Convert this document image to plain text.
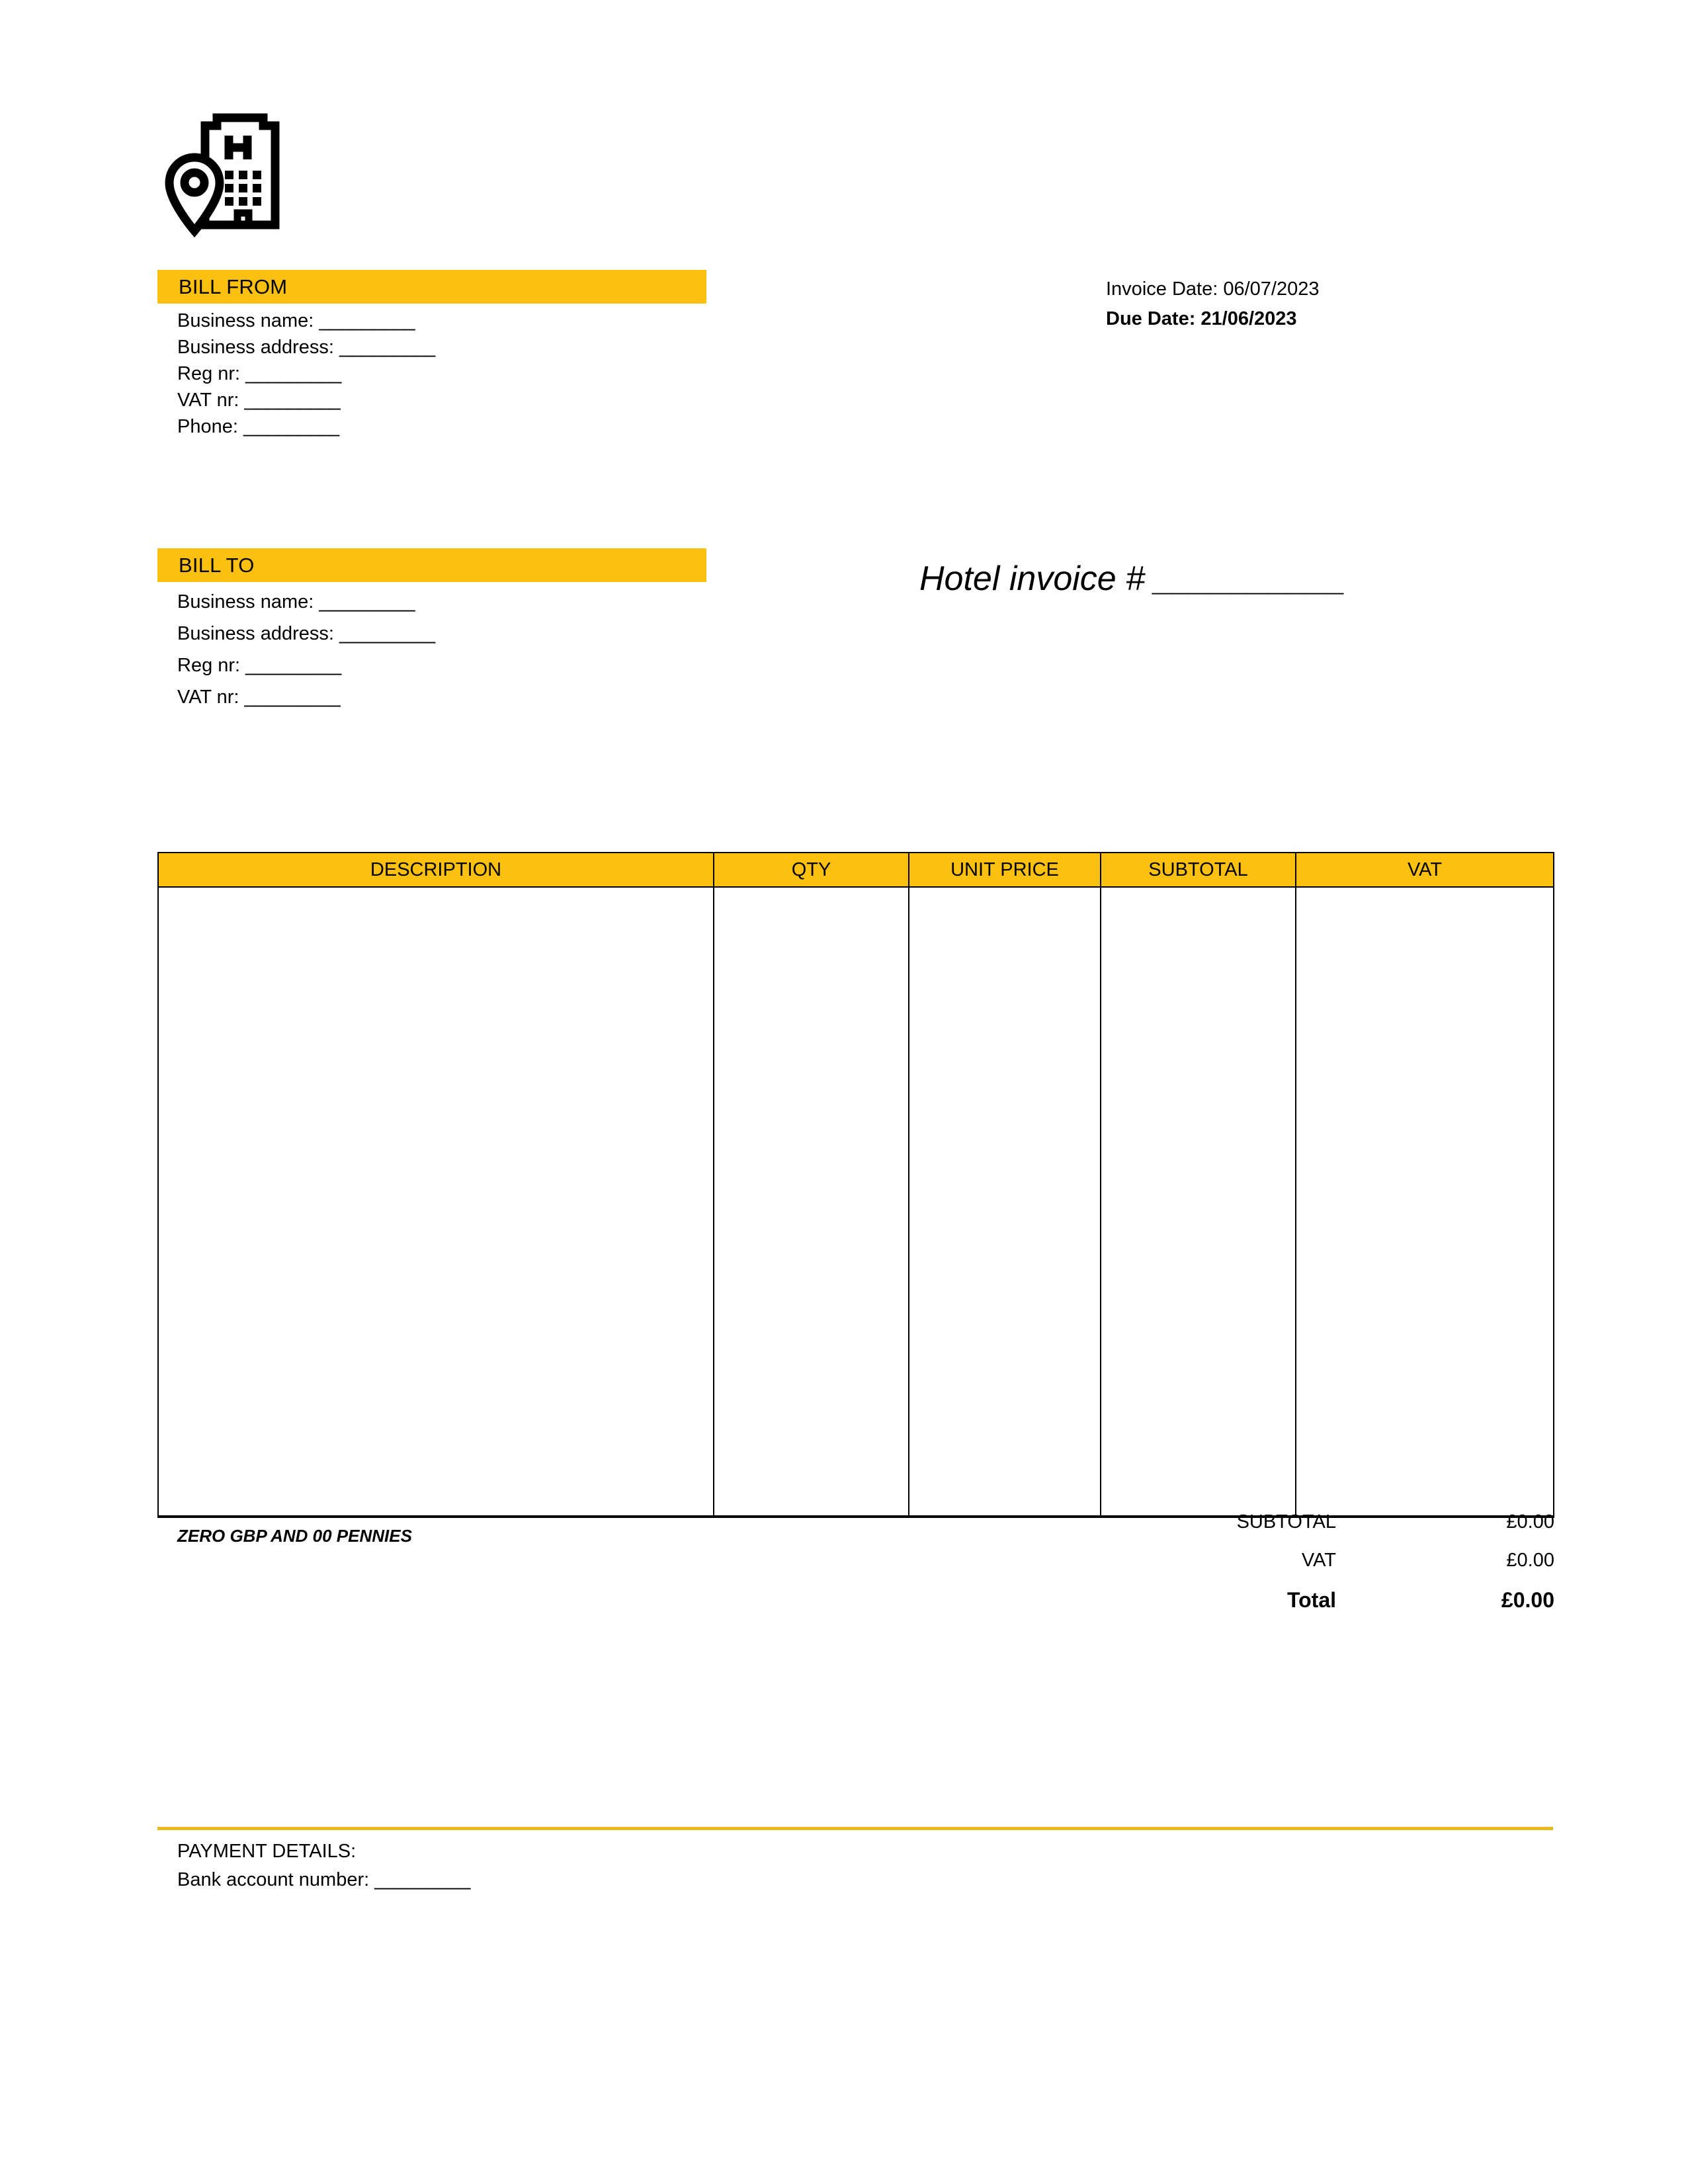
BILL FROM
Business name: _________
Business address: _________
Reg nr: _________
VAT nr: _________
Phone: _________
Invoice Date: 06/07/2023
Due Date: 21/06/2023
BILL TO
Business name: _________
Business address: _________
Reg nr: _________
VAT nr: _________
Hotel invoice # __________
DESCRIPTION	QTY	UNIT PRICE	SUBTOTAL	VAT

ZERO GBP AND 00 PENNIES
SUBTOTAL	£0.00
VAT	£0.00
Total	£0.00
PAYMENT DETAILS:
Bank account number: _________
